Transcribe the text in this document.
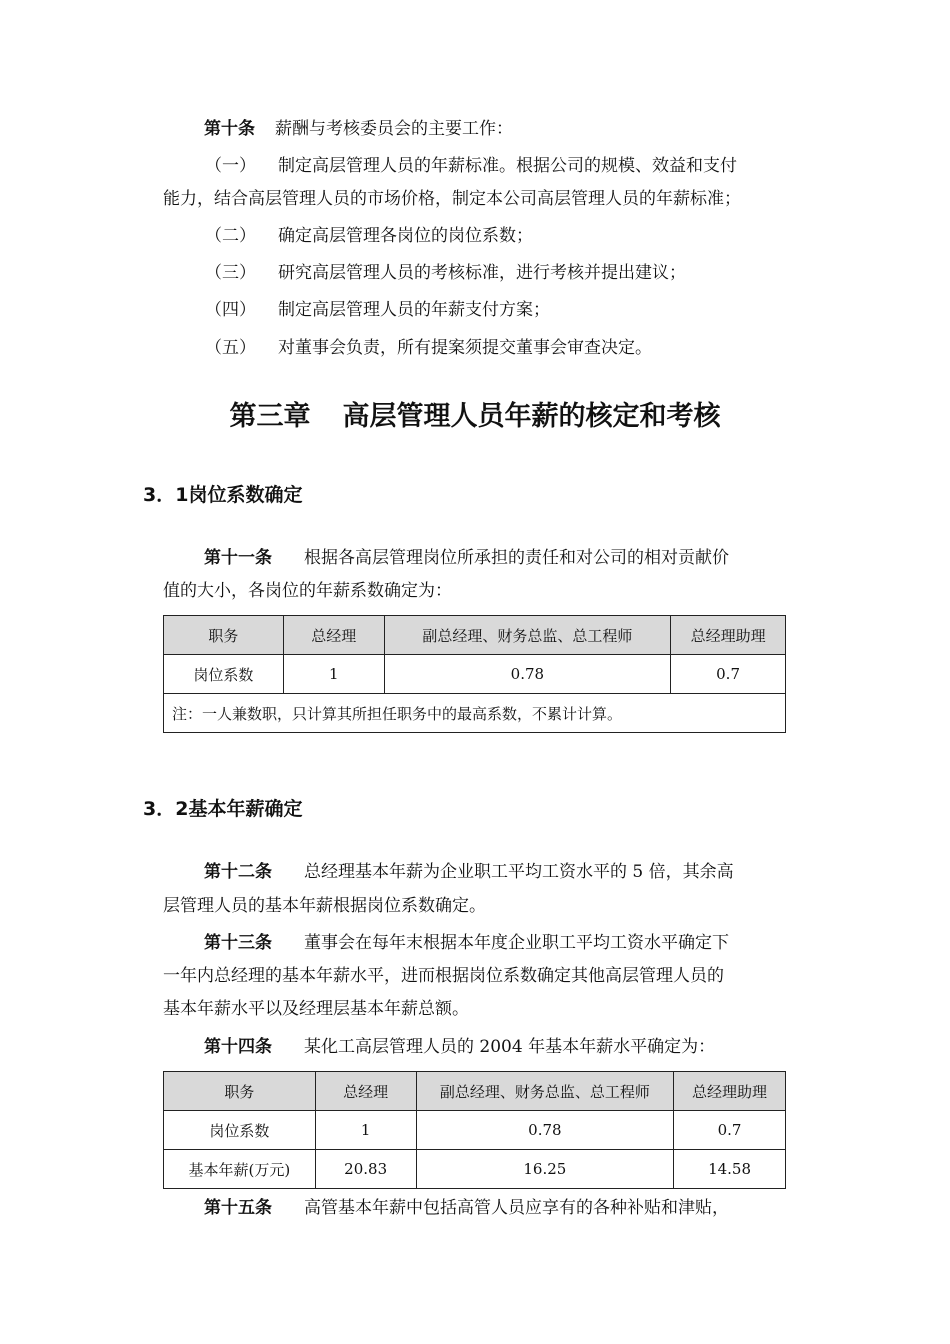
第十条 薪酬与考核委员会的主要工作：

（一） 制定高层管理人员的年薪标准。根据公司的规模、效益和支付

能力，结合高层管理人员的市场价格，制定本公司高层管理人员的年薪标准；

（二） 确定高层管理各岗位的岗位系数；

（三） 研究高层管理人员的考核标准，进行考核并提出建议；

（四） 制定高层管理人员的年薪支付方案；

（五） 对董事会负责，所有提案须提交董事会审查决定。

第三章 高层管理人员年薪的核定和考核
3．1岗位系数确定

第十一条 根据各高层管理岗位所承担的责任和对公司的相对贡献价

值的大小，各岗位的年薪系数确定为：

职务	总经理	副总经理、财务总监、总工程师	总经理助理
岗位系数	1	0.78	0.7
注：一人兼数职，只计算其所担任职务中的最高系数，不累计计算。			
3．2基本年薪确定

第十二条 总经理基本年薪为企业职工平均工资水平的 5 倍，其余高

层管理人员的基本年薪根据岗位系数确定。

第十三条 董事会在每年末根据本年度企业职工平均工资水平确定下

一年内总经理的基本年薪水平，进而根据岗位系数确定其他高层管理人员的

基本年薪水平以及经理层基本年薪总额。

第十四条 某化工高层管理人员的 2004 年基本年薪水平确定为：

职务	总经理	副总经理、财务总监、总工程师	总经理助理
岗位系数	1	0.78	0.7
基本年薪(万元)	20.83	16.25	14.58

第十五条 高管基本年薪中包括高管人员应享有的各种补贴和津贴，
